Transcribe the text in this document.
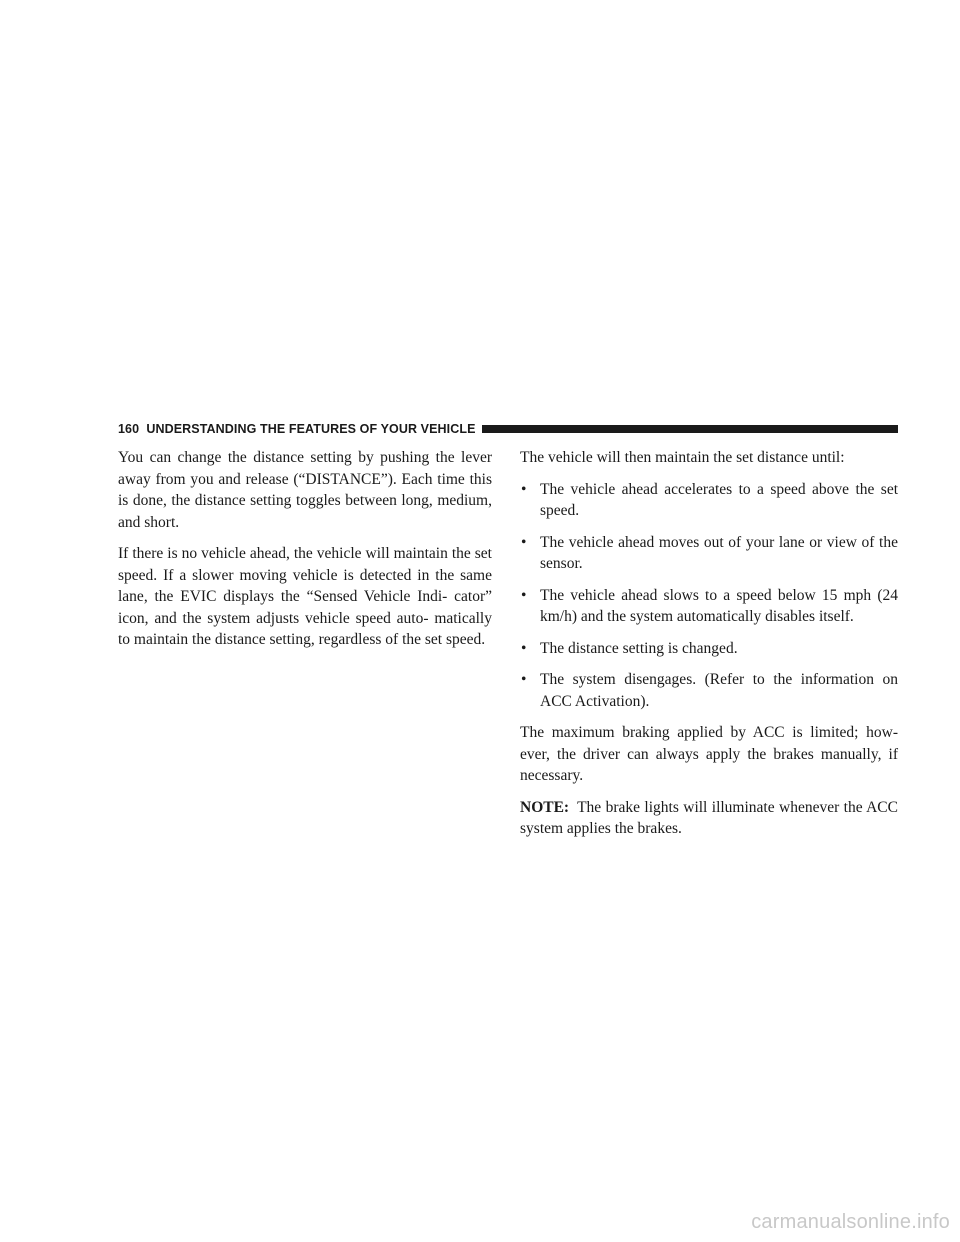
160 UNDERSTANDING THE FEATURES OF YOUR VEHICLE

You can change the distance setting by pushing the lever away from you and release (“DISTANCE”). Each time this is done, the distance setting toggles between long, medium, and short.

If there is no vehicle ahead, the vehicle will maintain the set speed. If a slower moving vehicle is detected in the same lane, the EVIC displays the “Sensed Vehicle Indi- cator” icon, and the system adjusts vehicle speed auto- matically to maintain the distance setting, regardless of the set speed.

The vehicle will then maintain the set distance until:

• The vehicle ahead accelerates to a speed above the set speed.
• The vehicle ahead moves out of your lane or view of the sensor.
• The vehicle ahead slows to a speed below 15 mph (24 km/h) and the system automatically disables itself.
• The distance setting is changed.
• The system disengages. (Refer to the information on ACC Activation).

The maximum braking applied by ACC is limited; how- ever, the driver can always apply the brakes manually, if necessary.

NOTE: The brake lights will illuminate whenever the ACC system applies the brakes.

carmanualsonline.info
